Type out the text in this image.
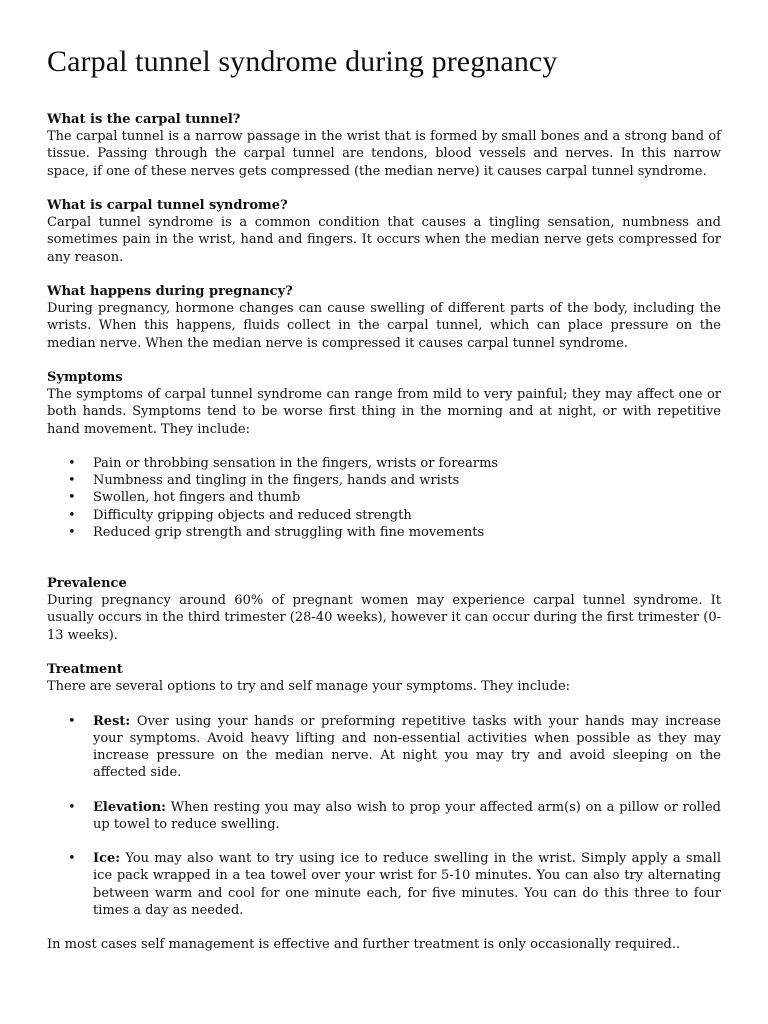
Carpal tunnel syndrome during pregnancy
What is the carpal tunnel?

The carpal tunnel is a narrow passage in the wrist that is formed by small bones and a strong band of tissue. Passing through the carpal tunnel are tendons, blood vessels and nerves. In this narrow space, if one of these nerves gets compressed (the median nerve) it causes carpal tunnel syndrome.

What is carpal tunnel syndrome?

Carpal tunnel syndrome is a common condition that causes a tingling sensation, numbness and sometimes pain in the wrist, hand and fingers. It occurs when the median nerve gets compressed for any reason.

What happens during pregnancy?

During pregnancy, hormone changes can cause swelling of different parts of the body, including the wrists. When this happens, fluids collect in the carpal tunnel, which can place pressure on the median nerve. When the median nerve is compressed it causes carpal tunnel syndrome.

Symptoms

The symptoms of carpal tunnel syndrome can range from mild to very painful; they may affect one or both hands. Symptoms tend to be worse first thing in the morning and at night, or with repetitive hand movement. They include:

• Pain or throbbing sensation in the fingers, wrists or forearms
• Numbness and tingling in the fingers, hands and wrists
• Swollen, hot fingers and thumb
• Difficulty gripping objects and reduced strength
• Reduced grip strength and struggling with fine movements
Prevalence

During pregnancy around 60% of pregnant women may experience carpal tunnel syndrome. It usually occurs in the third trimester (28-40 weeks), however it can occur during the first trimester (0-13 weeks).

Treatment

There are several options to try and self manage your symptoms. They include:

• Rest: Over using your hands or preforming repetitive tasks with your hands may increase your symptoms. Avoid heavy lifting and non-essential activities when possible as they may increase pressure on the median nerve. At night you may try and avoid sleeping on the affected side.
• Elevation: When resting you may also wish to prop your affected arm(s) on a pillow or rolled up towel to reduce swelling.
• Ice: You may also want to try using ice to reduce swelling in the wrist. Simply apply a small ice pack wrapped in a tea towel over your wrist for 5-10 minutes. You can also try alternating between warm and cool for one minute each, for five minutes. You can do this three to four times a day as needed.

In most cases self management is effective and further treatment is only occasionally required..
